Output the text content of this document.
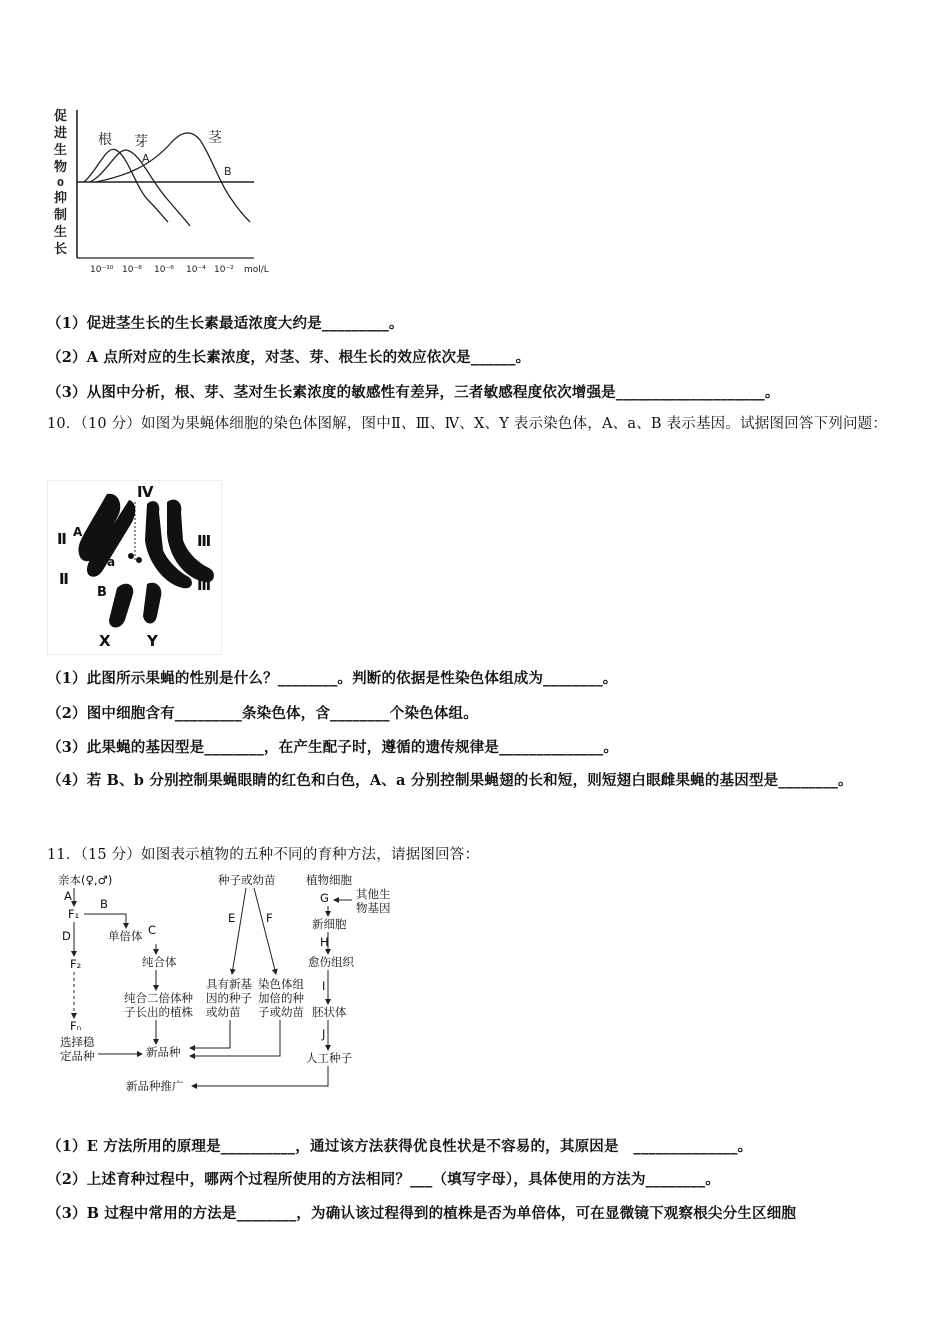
促
进
生
物
0
抑
制
生
长
根 芽	茎
A
B
10⁻¹⁰ 10⁻⁸ 10⁻⁶ 10⁻⁴ 10⁻² mol/L
（1）促进茎生长的生长素最适浓度大约是_________。
（2）A 点所对应的生长素浓度，对茎、芽、根生长的效应依次是______。
（3）从图中分析，根、芽、茎对生长素浓度的敏感性有差异，三者敏感程度依次增强是____________________。
10．（10 分）如图为果蝇体细胞的染色体图解，图中Ⅱ、Ⅲ、Ⅳ、X、Y 表示染色体，A、a、B 表示基因。试据图回答下列问题：
Ⅳ
Ⅱ A
Ⅱ
a
B
Ⅲ
Ⅲ
X Y
（1）此图所示果蝇的性别是什么？________。判断的依据是性染色体组成为________。
（2）图中细胞含有_________条染色体，含________个染色体组。
（3）此果蝇的基因型是________，在产生配子时，遵循的遗传规律是______________。
（4）若 B、b 分别控制果蝇眼睛的红色和白色，A、a 分别控制果蝇翅的长和短，则短翅白眼雌果蝇的基因型是________。
11．（15 分）如图表示植物的五种不同的育种方法，请据图回答：
亲本(♀,♂)
A
F₁
B
单倍体 C
D
F₂	纯合体
纯合二倍体种
子长出的植株
Fₙ
选择稳
定品种	新品种
新品种推广
种子或幼苗
E	F
具有新基
因的种子
或幼苗
染色体组
加倍的种
子或幼苗
植物细胞
G 其他生
物基因
新细胞
H
愈伤组织
I
胚状体
J
人工种子
（1）E 方法所用的原理是__________，通过该方法获得优良性状是不容易的，其原因是　______________。
（2）上述育种过程中，哪两个过程所使用的方法相同？___（填写字母），具体使用的方法为________。
（3）B 过程中常用的方法是________，为确认该过程得到的植株是否为单倍体，可在显微镜下观察根尖分生区细胞
